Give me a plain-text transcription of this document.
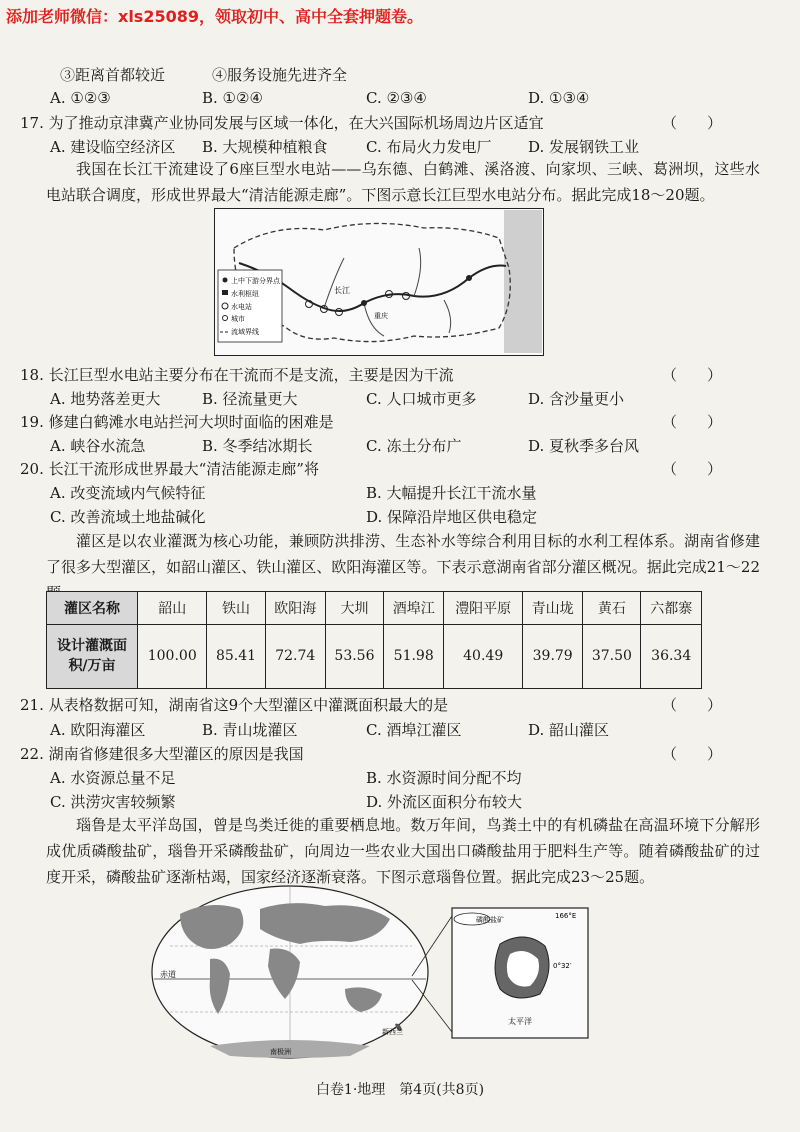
添加老师微信：xls25089，领取初中、高中全套押题卷。
③距离首都较近	④服务设施先进齐全
A. ①②③	B. ①②④	C. ②③④	D. ①③④
17. 为了推动京津冀产业协同发展与区域一体化，在大兴国际机场周边片区适宜	（　　）
A. 建设临空经济区 B. 大规模种植粮食	C. 布局火力发电厂 D. 发展钢铁工业
我国在长江干流建设了6座巨型水电站——乌东德、白鹤滩、溪洛渡、向家坝、三峡、葛洲坝，这些水电站联合调度，形成世界最大“清洁能源走廊”。下图示意长江巨型水电站分布。据此完成18～20题。
上中下游分界点
水利枢纽
水电站
城市
流域界线
长江
重庆
18. 长江巨型水电站主要分布在干流而不是支流，主要是因为干流	（　　）
A. 地势落差更大	B. 径流量更大	C. 人口城市更多	D. 含沙量更小
19. 修建白鹤滩水电站拦河大坝时面临的困难是	（　　）
A. 峡谷水流急	B. 冬季结冰期长	C. 冻土分布广	D. 夏秋季多台风
20. 长江干流形成世界最大“清洁能源走廊”将	（　　）
A. 改变流域内气候特征	B. 大幅提升长江干流水量
C. 改善流域土地盐碱化	D. 保障沿岸地区供电稳定
灌区是以农业灌溉为核心功能，兼顾防洪排涝、生态补水等综合利用目标的水利工程体系。湖南省修建了很多大型灌区，如韶山灌区、铁山灌区、欧阳海灌区等。下表示意湖南省部分灌区概况。据此完成21～22
灌区名称	韶山	铁山	欧阳海	大圳	酒埠江	澧阳平原	青山垅	黄石	六都寨
设计灌溉面积/万亩	100.00	85.41	72.74	53.56	51.98	40.49	39.79	37.50	36.34
21. 从表格数据可知，湖南省这9个大型灌区中灌溉面积最大的是	（　　）
A. 欧阳海灌区	B. 青山垅灌区	C. 酒埠江灌区	D. 韶山灌区
22. 湖南省修建很多大型灌区的原因是我国	（　　）
A. 水资源总量不足	B. 水资源时间分配不均
C. 洪涝灾害较频繁	D. 外流区面积分布较大
瑙鲁是太平洋岛国，曾是鸟类迁徙的重要栖息地。数万年间，鸟粪土中的有机磷盐在高温环境下分解形成优质磷酸盐矿，瑙鲁开采磷酸盐矿，向周边一些农业大国出口磷酸盐用于肥料生产等。随着磷酸盐矿的过度开采，磷酸盐矿逐渐枯竭，国家经济逐渐衰落。下图示意瑙鲁位置。据此完成23～25题。
赤道
新西兰
南极洲
磷酸盐矿	166°E
0°32′
太平洋
白卷1·地理　第4页(共8页)
